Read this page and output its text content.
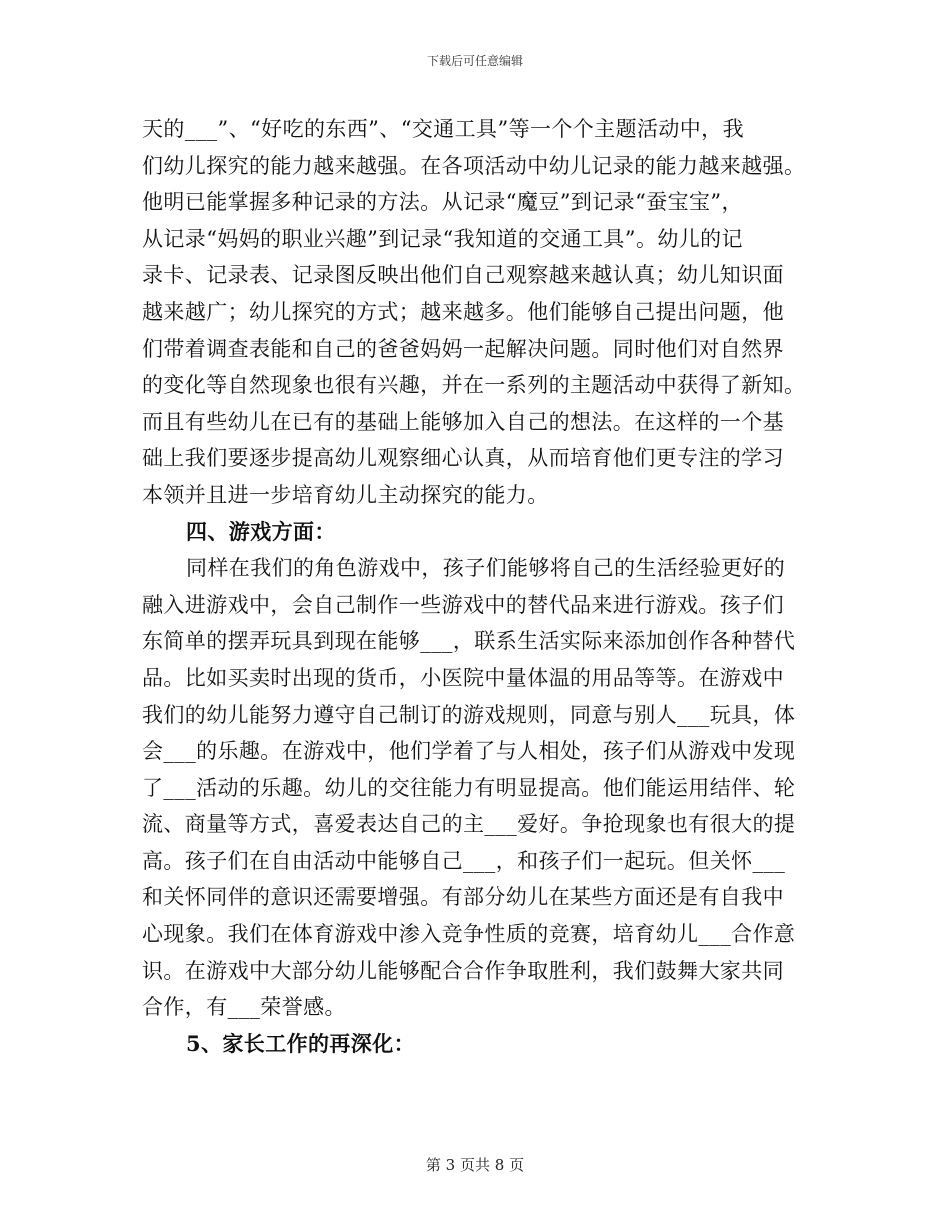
下载后可任意编辑
天的___”、“好吃的东西”、“交通工具”等一个个主题活动中，我
们幼儿探究的能力越来越强。在各项活动中幼儿记录的能力越来越强。
他明已能掌握多种记录的方法。从记录“魔豆”到记录“蚕宝宝”，
从记录“妈妈的职业兴趣”到记录“我知道的交通工具”。幼儿的记
录卡、记录表、记录图反映出他们自己观察越来越认真；幼儿知识面
越来越广；幼儿探究的方式；越来越多。他们能够自己提出问题，他
们带着调查表能和自己的爸爸妈妈一起解决问题。同时他们对自然界
的变化等自然现象也很有兴趣，并在一系列的主题活动中获得了新知。
而且有些幼儿在已有的基础上能够加入自己的想法。在这样的一个基
础上我们要逐步提高幼儿观察细心认真，从而培育他们更专注的学习
本领并且进一步培育幼儿主动探究的能力。
四、游戏方面：
同样在我们的角色游戏中，孩子们能够将自己的生活经验更好的
融入进游戏中，会自己制作一些游戏中的替代品来进行游戏。孩子们
东简单的摆弄玩具到现在能够___，联系生活实际来添加创作各种替代
品。比如买卖时出现的货币，小医院中量体温的用品等等。在游戏中
我们的幼儿能努力遵守自己制订的游戏规则，同意与别人___玩具，体
会___的乐趣。在游戏中，他们学着了与人相处，孩子们从游戏中发现
了___活动的乐趣。幼儿的交往能力有明显提高。他们能运用结伴、轮
流、商量等方式，喜爱表达自己的主___爱好。争抢现象也有很大的提
高。孩子们在自由活动中能够自己___，和孩子们一起玩。但关怀___
和关怀同伴的意识还需要增强。有部分幼儿在某些方面还是有自我中
心现象。我们在体育游戏中渗入竞争性质的竞赛，培育幼儿___合作意
识。在游戏中大部分幼儿能够配合合作争取胜利，我们鼓舞大家共同
合作，有___荣誉感。
5、家长工作的再深化：
第 3 页共 8 页
